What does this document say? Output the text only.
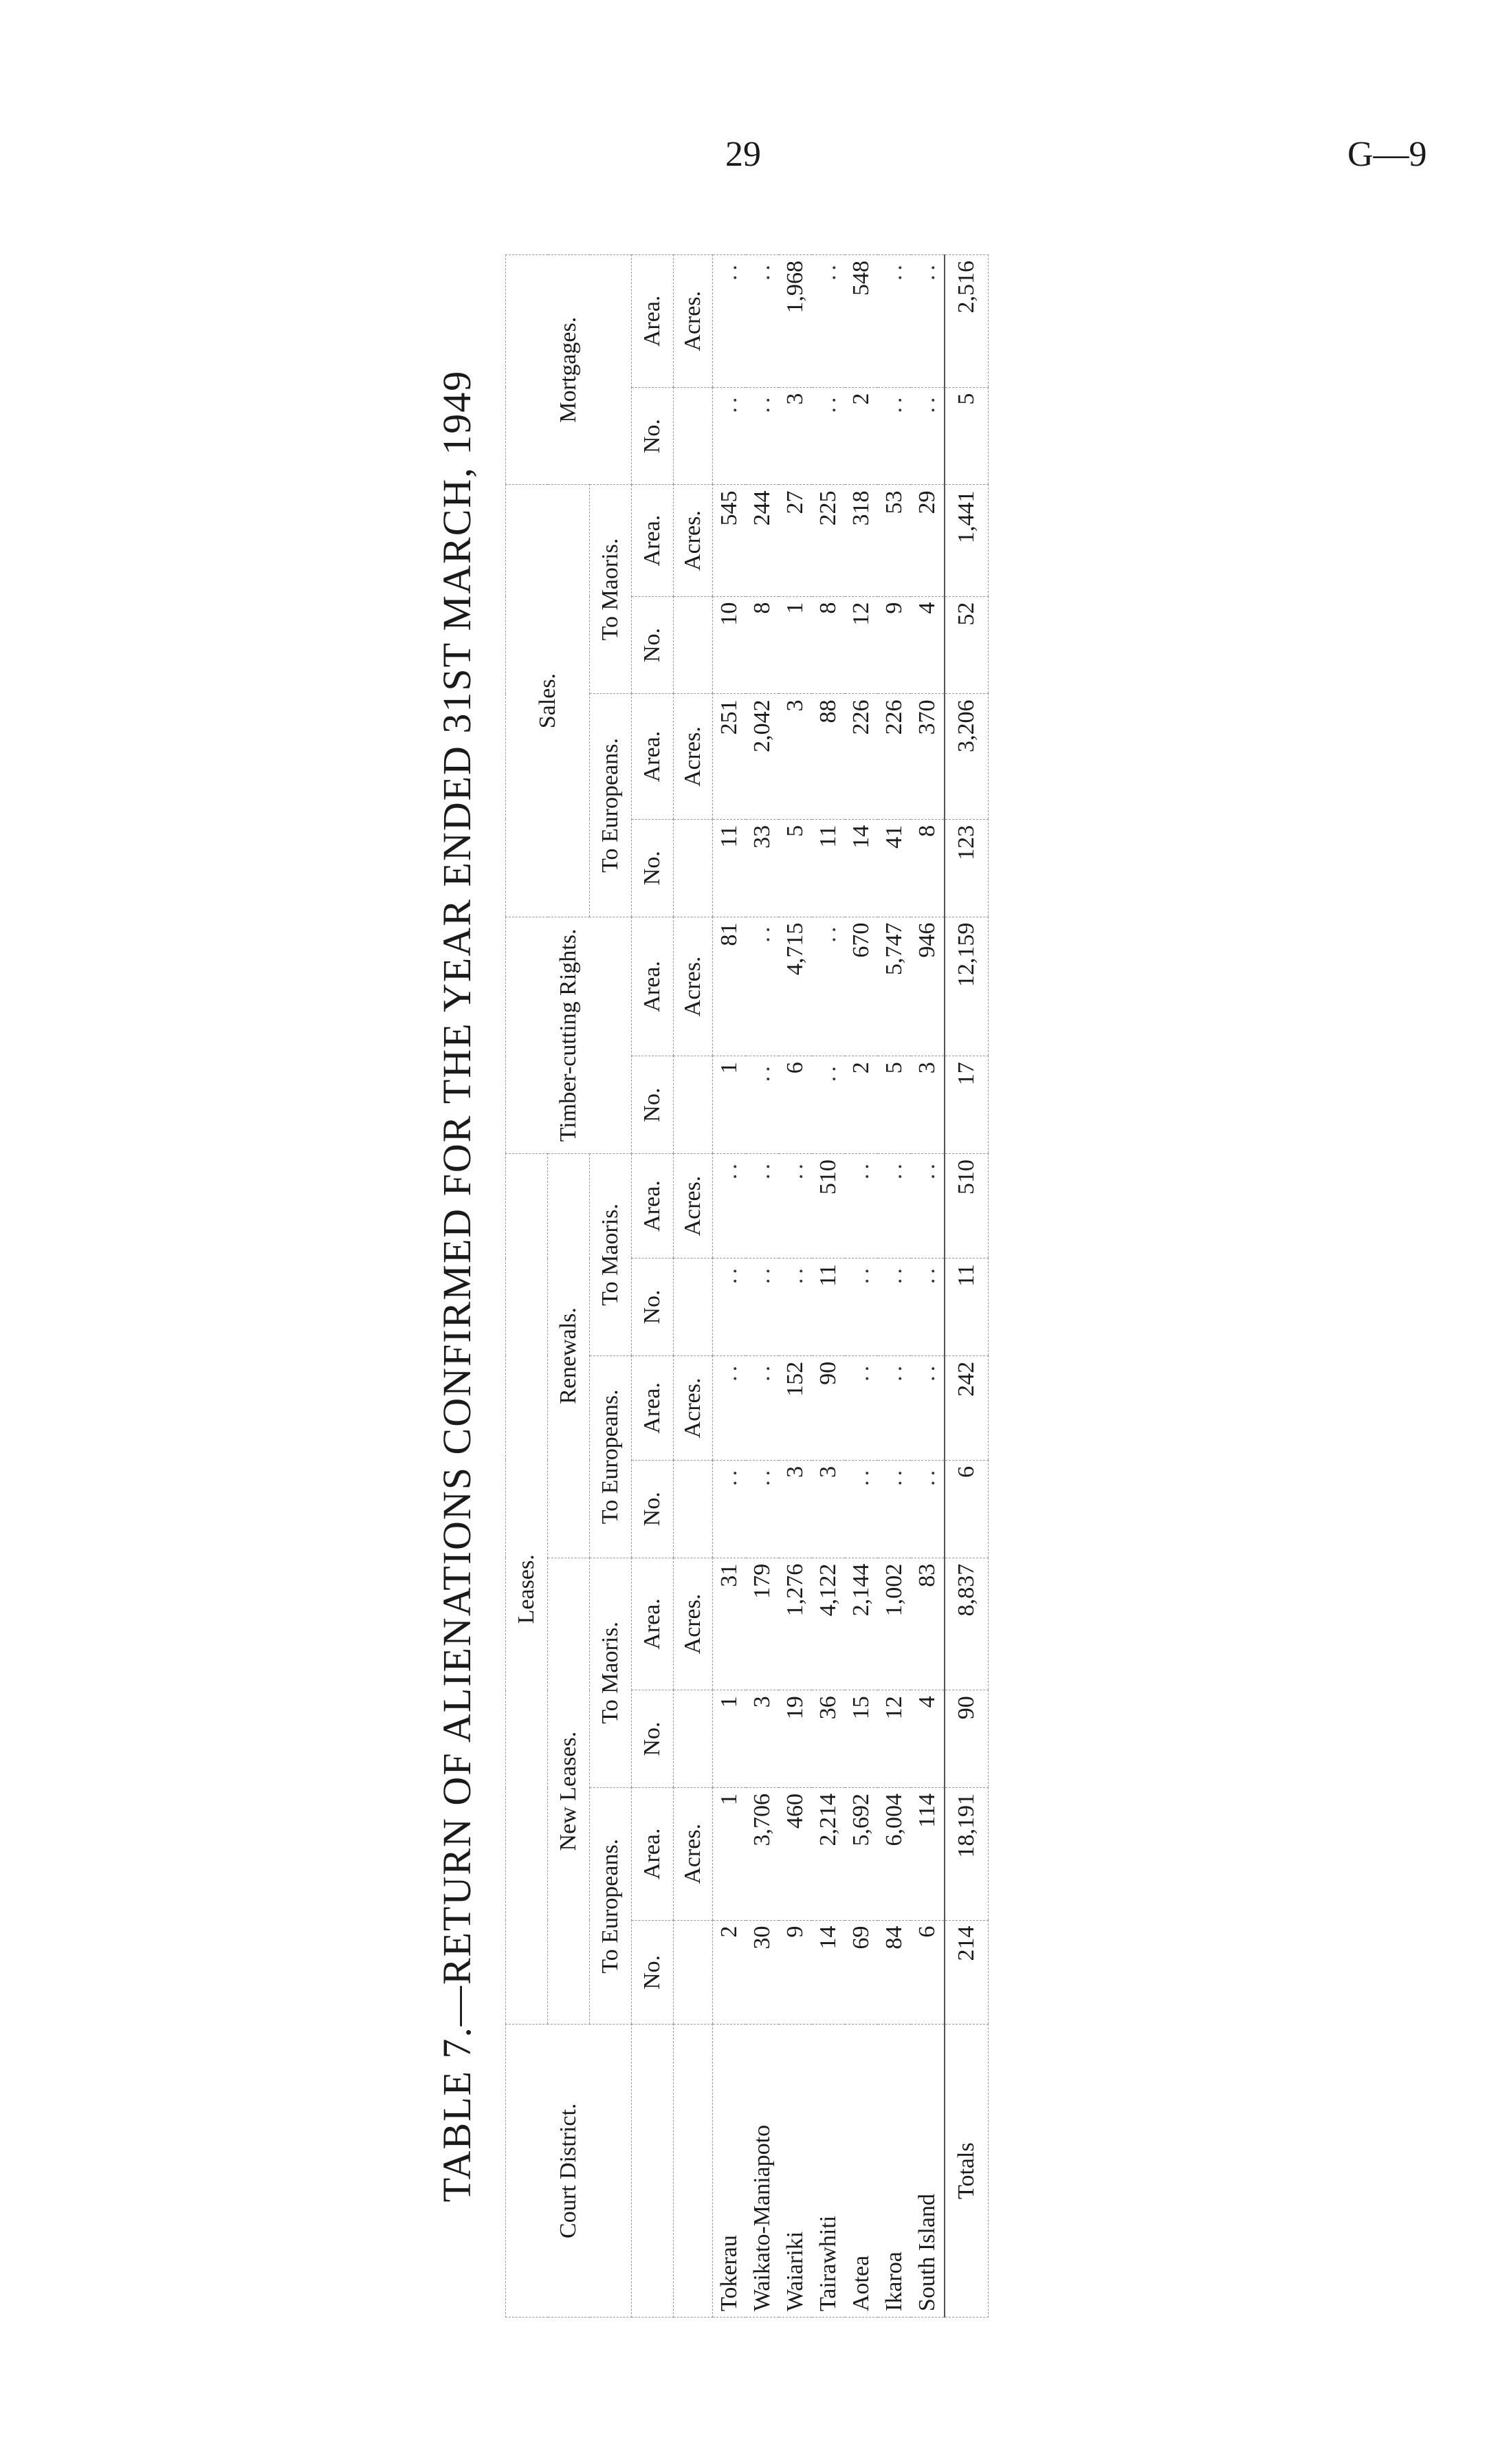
29	G—9
TABLE 7.—RETURN OF ALIENATIONS CONFIRMED FOR THE YEAR ENDED 31ST MARCH, 1949	Court District.	Leases.								Timber-cutting Rights.		Sales.				Mortgages.	
	New Leases.				Renewals.											
	To Europeans.		To Maoris.		To Europeans.		To Maoris.				To Europeans.		To Maoris.			
	No.	Area.	No.	Area.	No.	Area.	No.	Area.	No.	Area.	No.	Area.	No.	Area.	No.	Area.
		Acres.		Acres.		Acres.		Acres.		Acres.		Acres.		Acres.		Acres.
Tokerau	2	1	1	31	..	..	..	..	1	81	11	251	10	545	..	..
Waikato-Maniapoto	30	3,706	3	179	..	..	..	..	..	..	33	2,042	8	244	..	..
Waiariki	9	460	19	1,276	3	152	..	..	6	4,715	5	3	1	27	3	1,968
Tairawhiti	14	2,214	36	4,122	3	90	11	510	..	..	11	88	8	225	..	..
Aotea	69	5,692	15	2,144	..	..	..	..	2	670	14	226	12	318	2	548
Ikaroa	84	6,004	12	1,002	..	..	..	..	5	5,747	41	226	9	53	..	..
South Island	6	114	4	83	..	..	..	..	3	946	8	370	4	29	..	..
Totals	214	18,191	90	8,837	6	242	11	510	17	12,159	123	3,206	52	1,441	5	2,516
